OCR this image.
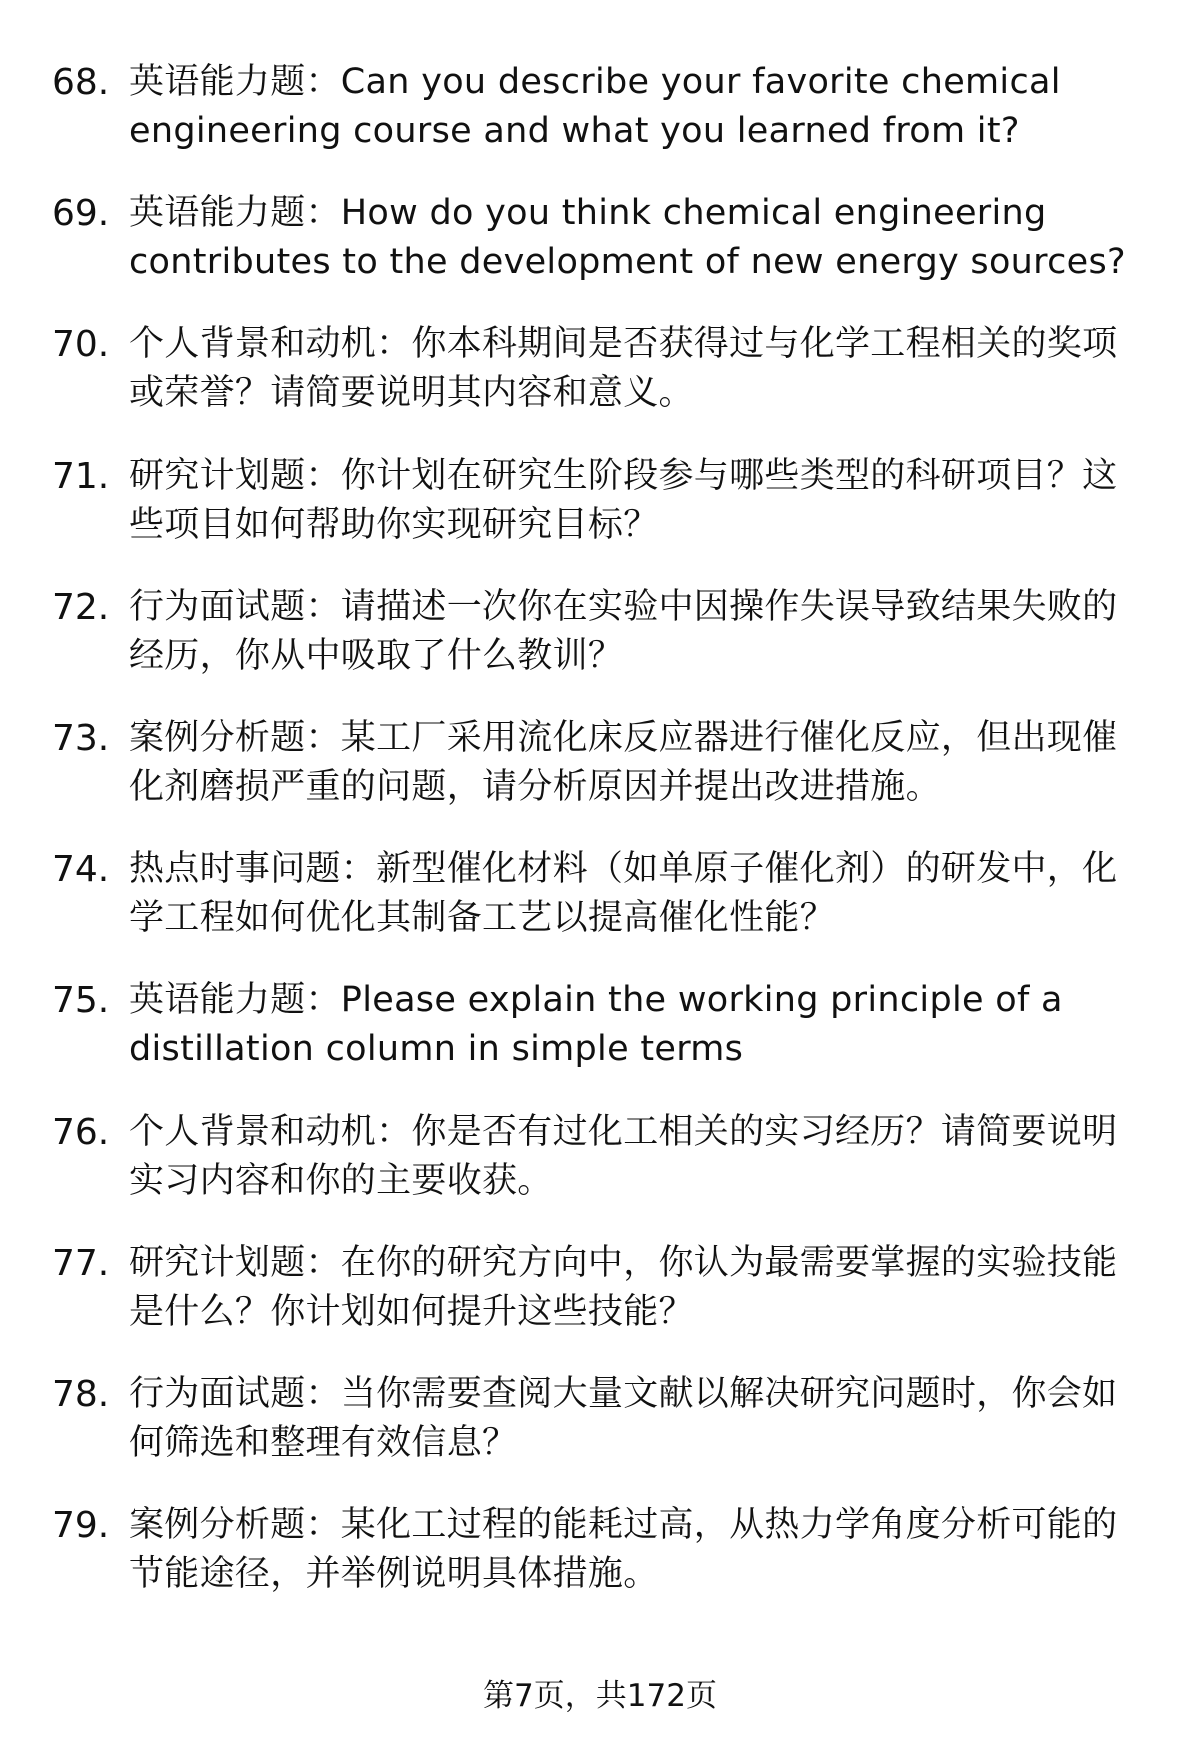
68. 英语能力题：Can you describe your favorite chemical engineering course and what you learned from it?
69. 英语能力题：How do you think chemical engineering contributes to the development of new energy sources?
70. 个人背景和动机：你本科期间是否获得过与化学工程相关的奖项或荣誉？请简要说明其内容和意义。
71. 研究计划题：你计划在研究生阶段参与哪些类型的科研项目？这些项目如何帮助你实现研究目标？
72. 行为面试题：请描述一次你在实验中因操作失误导致结果失败的经历，你从中吸取了什么教训？
73. 案例分析题：某工厂采用流化床反应器进行催化反应，但出现催化剂磨损严重的问题，请分析原因并提出改进措施。
74. 热点时事问题：新型催化材料（如单原子催化剂）的研发中，化学工程如何优化其制备工艺以提高催化性能？
75. 英语能力题：Please explain the working principle of a distillation column in simple terms
76. 个人背景和动机：你是否有过化工相关的实习经历？请简要说明实习内容和你的主要收获。
77. 研究计划题：在你的研究方向中，你认为最需要掌握的实验技能是什么？你计划如何提升这些技能？
78. 行为面试题：当你需要查阅大量文献以解决研究问题时，你会如何筛选和整理有效信息？
79. 案例分析题：某化工过程的能耗过高，从热力学角度分析可能的节能途径，并举例说明具体措施。
第7页，共172页
